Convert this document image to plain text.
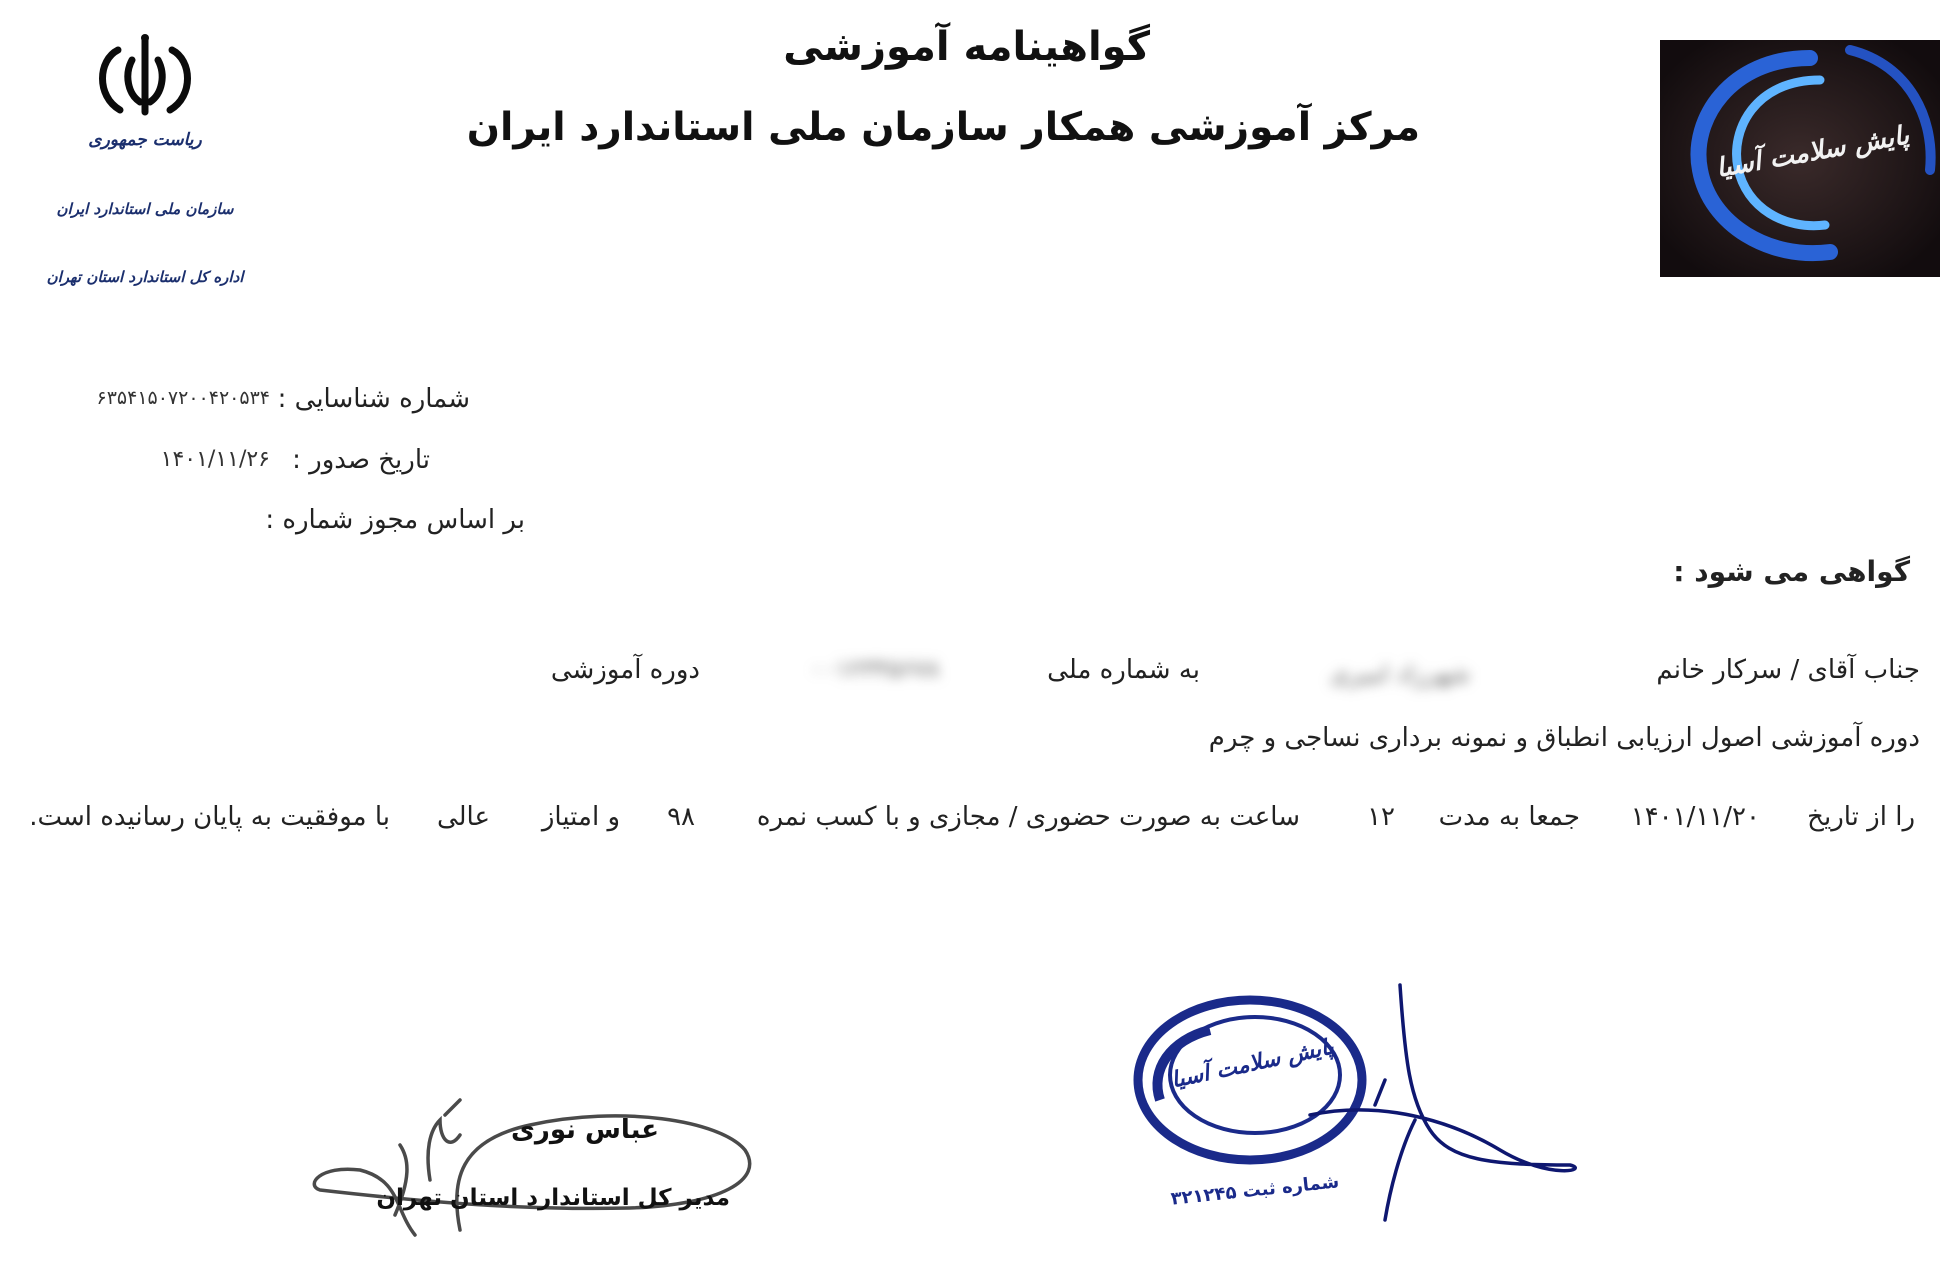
گواهینامه آموزشی
مرکز آموزشی همکار سازمان ملی استاندارد ایران
ریاست جمهوری
سازمان ملی استاندارد ایران
اداره کل استاندارد استان تهران
پایش سلامت آسیا
شماره شناسایی :
۶۳۵۴۱۵۰۷۲۰۰۴۲۰۵۳۴
تاریخ صدور :
۱۴۰۱/۱۱/۲۶
بر اساس مجوز شماره :
گواهی می شود :
جناب آقای / سرکار خانم
شهرزاد امیری
به شماره ملی
۰۰۱۲۳۴۵۶۷۸
دوره آموزشی
دوره آموزشی اصول ارزیابی انطباق و نمونه برداری نساجی و چرم
را از تاریخ
۱۴۰۱/۱۱/۲۰
جمعا به مدت
۱۲
ساعت به صورت حضوری / مجازی و با کسب نمره
۹۸
و امتیاز
عالی
با موفقیت به پایان رسانیده است.
عباس نوری
مدیر کل استاندارد استان تهران
پایش سلامت آسیا
شماره ثبت ۳۲۱۲۴۵
